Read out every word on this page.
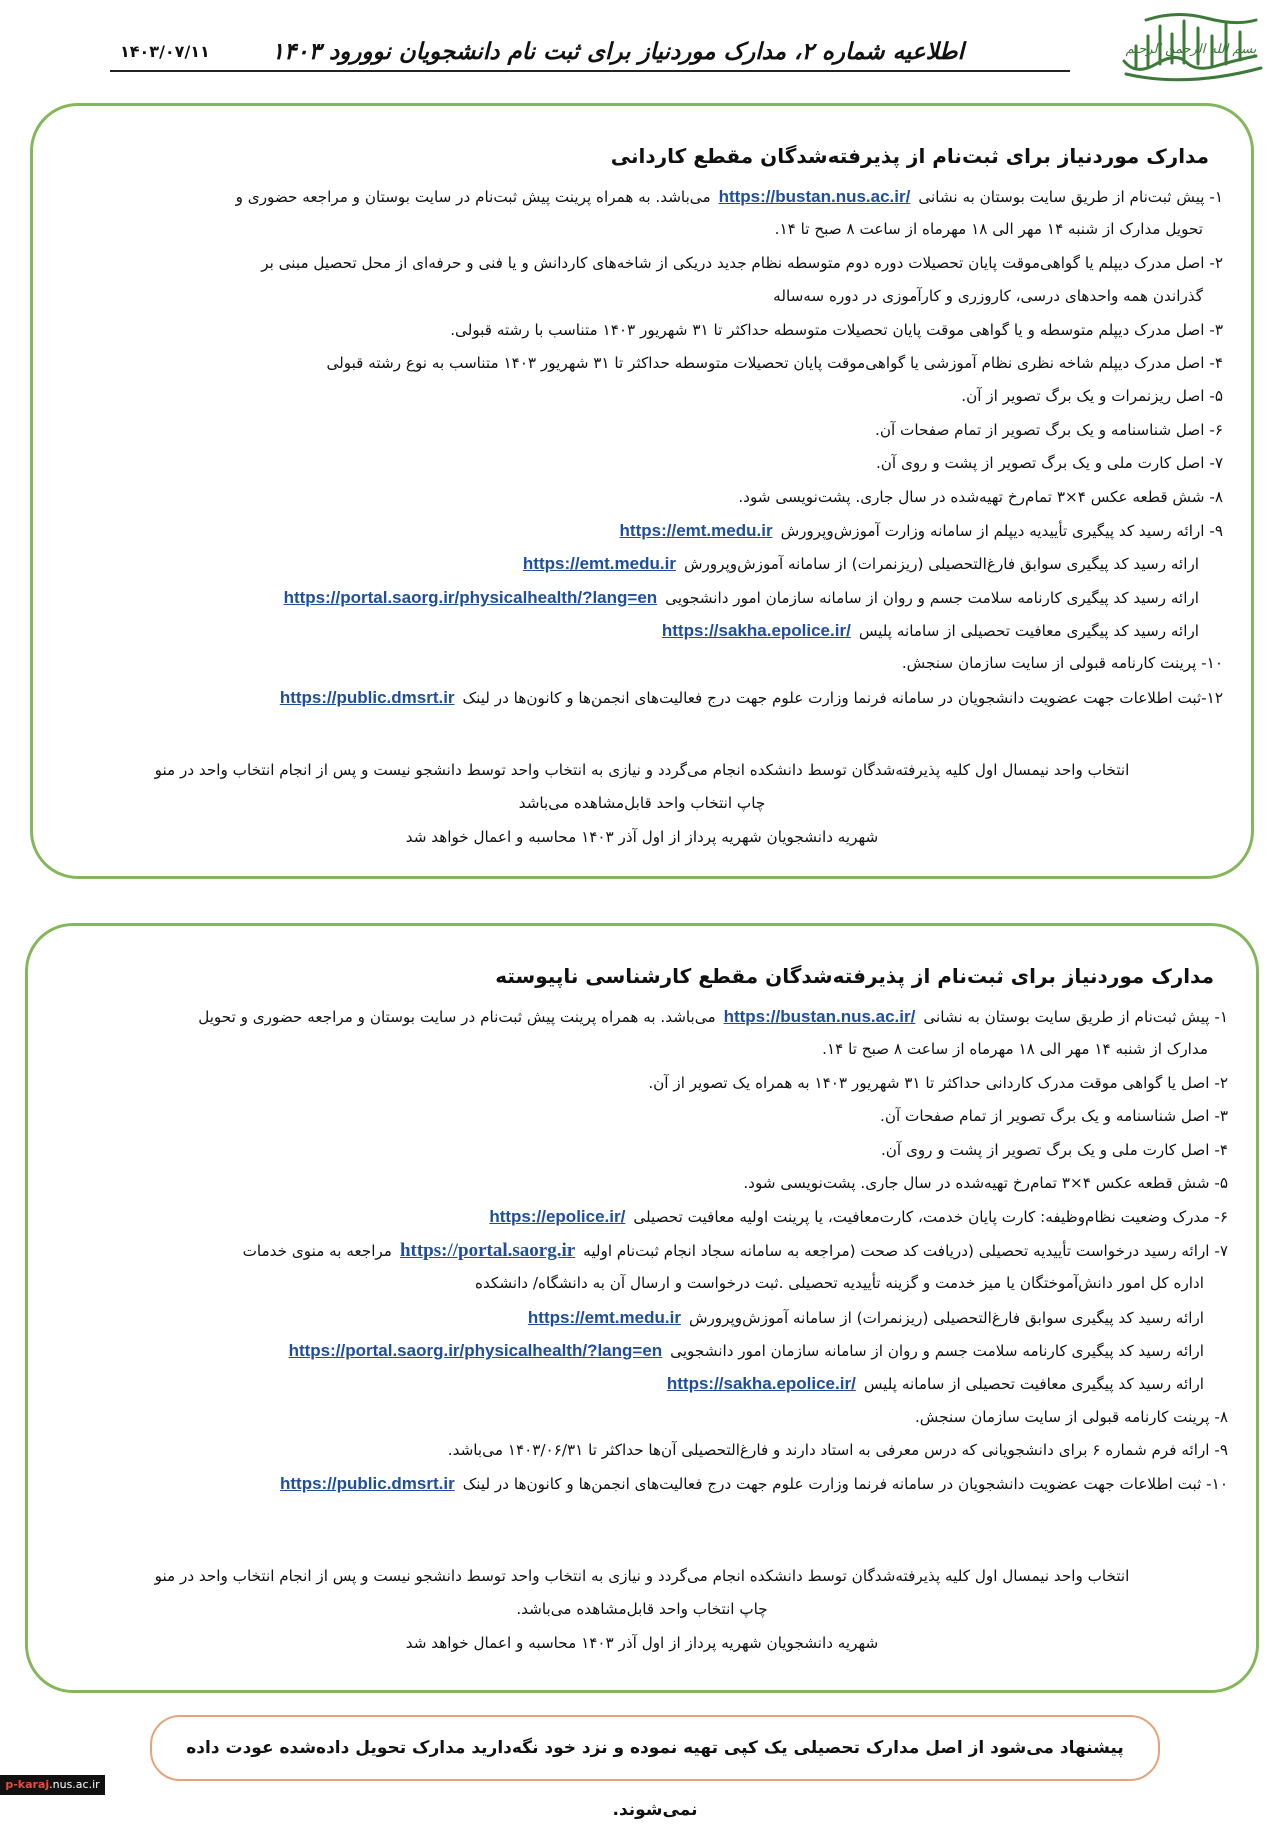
۱۴۰۳/۰۷/۱۱	اطلاعیه شماره ۲، مدارک موردنیاز برای ثبت نام دانشجویان نوورود ۱۴۰۳	بسم الله الرحمن الرحیم
مدارک موردنیاز برای ثبت‌نام از پذیرفته‌شدگان مقطع کاردانی
۱- پیش ثبت‌نام از طریق سایت بوستان به نشانیhttps://bustan.nus.ac.ir/می‌باشد. به همراه پرینت پیش ثبت‌نام در سایت بوستان و مراجعه حضوری و
تحویل مدارک از شنبه ۱۴ مهر الی ۱۸ مهرماه از ساعت ۸ صبح تا ۱۴.
۲- اصل مدرک دیپلم یا گواهی‌موقت پایان تحصیلات دوره دوم متوسطه نظام جدید دریکی از شاخه‌های کاردانش و یا فنی و حرفه‌ای از محل تحصیل مبنی بر
گذراندن همه واحدهای درسی، کاروزری و کارآموزی در دوره سه‌ساله
۳- اصل مدرک دیپلم متوسطه و یا گواهی موقت پایان تحصیلات متوسطه حداکثر تا ۳۱ شهریور ۱۴۰۳ متناسب با رشته قبولی.
۴- اصل مدرک دیپلم شاخه نظری نظام آموزشی یا گواهی‌موقت پایان تحصیلات متوسطه حداکثر تا ۳۱ شهریور ۱۴۰۳ متناسب به نوع رشته قبولی
۵- اصل ریزنمرات و یک برگ تصویر از آن.
۶- اصل شناسنامه و یک برگ تصویر از تمام صفحات آن.
۷- اصل کارت ملی و یک برگ تصویر از پشت و روی آن.
۸- شش قطعه عکس ۴×۳ تمام‌رخ تهیه‌شده در سال جاری. پشت‌نویسی شود.
۹- ارائه رسید کد پیگیری تأییدیه دیپلم از سامانه وزارت آموزش‌وپرورشhttps://emt.medu.ir
ارائه رسید کد پیگیری سوابق فارغ‌التحصیلی (ریزنمرات) از سامانه آموزش‌وپرورشhttps://emt.medu.ir
ارائه رسید کد پیگیری کارنامه سلامت جسم و روان از سامانه سازمان امور دانشجوییhttps://portal.saorg.ir/physicalhealth/?lang=en
ارائه رسید کد پیگیری معافیت تحصیلی از سامانه پلیسhttps://sakha.epolice.ir/
۱۰- پرینت کارنامه قبولی از سایت سازمان سنجش.
۱۲-ثبت اطلاعات جهت عضویت دانشجویان در سامانه فرنما وزارت علوم جهت درج فعالیت‌های انجمن‌ها و کانون‌ها در لینکhttps://public.dmsrt.ir
انتخاب واحد نیمسال اول کلیه پذیرفته‌شدگان توسط دانشکده انجام می‌گردد و نیازی به انتخاب واحد توسط دانشجو نیست و پس از انجام انتخاب واحد در منو
چاپ انتخاب واحد قابل‌مشاهده می‌باشد
شهریه دانشجویان شهریه پرداز از اول آذر ۱۴۰۳ محاسبه و اعمال خواهد شد
مدارک موردنیاز برای ثبت‌نام از پذیرفته‌شدگان مقطع کارشناسی ناپیوسته
۱- پیش ثبت‌نام از طریق سایت بوستان به نشانیhttps://bustan.nus.ac.ir/می‌باشد. به همراه پرینت پیش ثبت‌نام در سایت بوستان و مراجعه حضوری و تحویل
مدارک از شنبه ۱۴ مهر الی ۱۸ مهرماه از ساعت ۸ صبح تا ۱۴.
۲- اصل یا گواهی موقت مدرک کاردانی حداکثر تا ۳۱ شهریور ۱۴۰۳ به همراه یک تصویر از آن.
۳- اصل شناسنامه و یک برگ تصویر از تمام صفحات آن.
۴- اصل کارت ملی و یک برگ تصویر از پشت و روی آن.
۵- شش قطعه عکس ۴×۳ تمام‌رخ تهیه‌شده در سال جاری. پشت‌نویسی شود.
۶- مدرک وضعیت نظام‌وظیفه: کارت پایان خدمت، کارت‌معافیت، یا پرینت اولیه معافیت تحصیلیhttps://epolice.ir/
۷- ارائه رسید درخواست تأییدیه تحصیلی (دریافت کد صحت (مراجعه به سامانه سجاد انجام ثبت‌نام اولیهhttps://portal.saorg.irمراجعه به منوی خدمات
اداره کل امور دانش‌آموختگان یا میز خدمت و گزینه تأییدیه تحصیلی .ثبت درخواست و ارسال آن به دانشگاه/ دانشکده
ارائه رسید کد پیگیری سوابق فارغ‌التحصیلی (ریزنمرات) از سامانه آموزش‌وپرورشhttps://emt.medu.ir
ارائه رسید کد پیگیری کارنامه سلامت جسم و روان از سامانه سازمان امور دانشجوییhttps://portal.saorg.ir/physicalhealth/?lang=en
ارائه رسید کد پیگیری معافیت تحصیلی از سامانه پلیسhttps://sakha.epolice.ir/
۸- پرینت کارنامه قبولی از سایت سازمان سنجش.
۹- ارائه فرم شماره ۶ برای دانشجویانی که درس معرفی به استاد دارند و فارغ‌التحصیلی آن‌ها حداکثر تا ۱۴۰۳/۰۶/۳۱ می‌باشد.
۱۰- ثبت اطلاعات جهت عضویت دانشجویان در سامانه فرنما وزارت علوم جهت درج فعالیت‌های انجمن‌ها و کانون‌ها در لینکhttps://public.dmsrt.ir
انتخاب واحد نیمسال اول کلیه پذیرفته‌شدگان توسط دانشکده انجام می‌گردد و نیازی به انتخاب واحد توسط دانشجو نیست و پس از انجام انتخاب واحد در منو
چاپ انتخاب واحد قابل‌مشاهده می‌باشد.
شهریه دانشجویان شهریه پرداز از اول آذر ۱۴۰۳ محاسبه و اعمال خواهد شد
پیشنهاد می‌شود از اصل مدارک تحصیلی یک کپی تهیه نموده و نزد خود نگه‌دارید مدارک تحویل داده‌شده عودت داده نمی‌شوند.
p-karaj.nus.ac.ir
